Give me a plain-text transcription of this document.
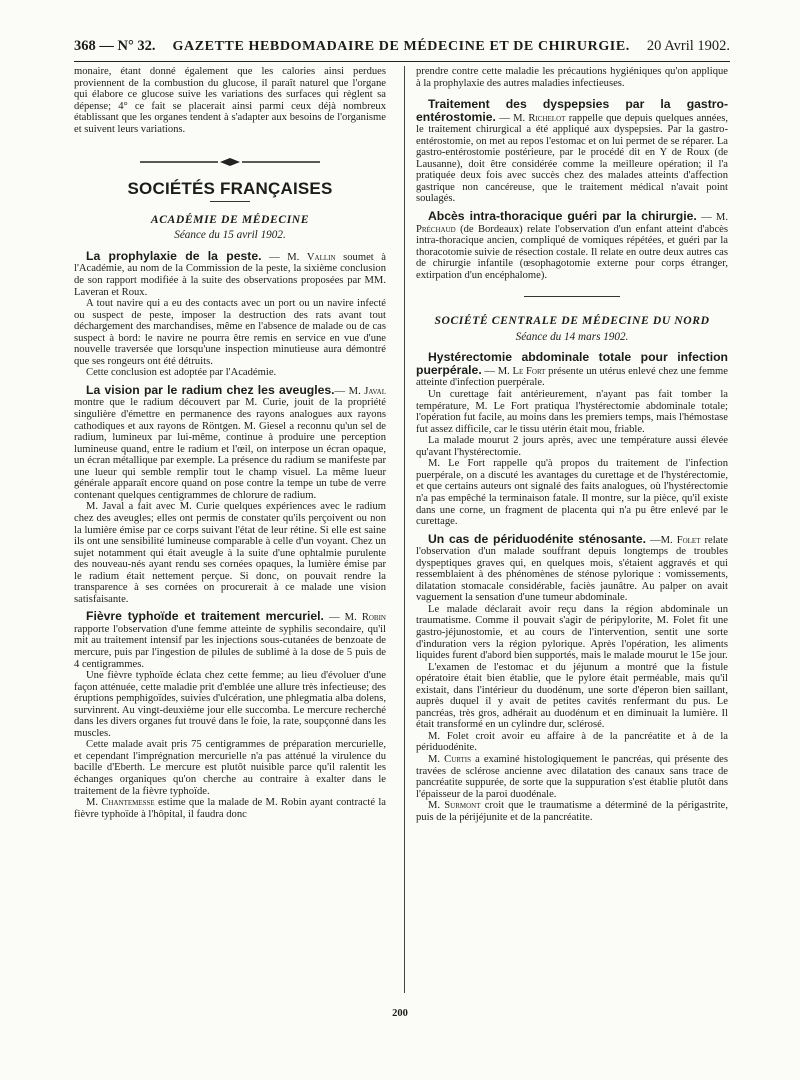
368 — N° 32. GAZETTE HEBDOMADAIRE DE MÉDECINE ET DE CHIRURGIE. 20 Avril 1902.

monaire, étant donné également que les calories ainsi perdues proviennent de la combustion du glucose, il paraît naturel que l'organe qui élabore ce glucose suive les variations des surfaces qui règlent sa dépense; 4° ce fait se placerait ainsi parmi ceux déjà nombreux établissant que les organes tendent à s'adapter aux besoins de l'organisme et suivent leurs variations.

SOCIÉTÉS FRANÇAISES
ACADÉMIE DE MÉDECINE
Séance du 15 avril 1902.

La prophylaxie de la peste. — M. Vallin soumet à l'Académie, au nom de la Commission de la peste, la sixième conclusion de son rapport modifiée à la suite des observations proposées par MM. Laveran et Roux.

A tout navire qui a eu des contacts avec un port ou un navire infecté ou suspect de peste, imposer la destruction des rats avant tout déchargement des marchandises, même en l'absence de malade ou de cas suspect à bord: le navire ne pourra être remis en service en vue d'une nouvelle traversée que lorsqu'une inspection minutieuse aura démontré que ses rongeurs ont été détruits.

Cette conclusion est adoptée par l'Académie.

La vision par le radium chez les aveugles.— M. Javal montre que le radium découvert par M. Curie, jouit de la propriété singulière d'émettre en permanence des rayons analogues aux rayons cathodiques et aux rayons de Röntgen. M. Giesel a reconnu qu'un sel de radium, lumineux par lui-même, continue à produire une perception lumineuse quand, entre le radium et l'œil, on interpose un écran opaque, un écran métallique par exemple. La présence du radium se manifeste par une lueur qui semble remplir tout le champ visuel. La même lueur générale apparaît encore quand on pose contre la tempe un tube de verre contenant quelques centigrammes de chlorure de radium.

M. Javal a fait avec M. Curie quelques expériences avec le radium chez des aveugles; elles ont permis de constater qu'ils perçoivent ou non la lumière émise par ce corps suivant l'état de leur rétine. Si elle est saine ils ont une sensibilité lumineuse comparable à celle d'un voyant. Chez un sujet notamment qui était aveugle à la suite d'une ophtalmie purulente des nouveau-nés ayant rendu ses cornées opaques, la lumière émise par le radium était nettement perçue. Si donc, on pouvait rendre la transparence à ses cornées on procurerait à ce malade une vision satisfaisante.

Fièvre typhoïde et traitement mercuriel. — M. Robin rapporte l'observation d'une femme atteinte de syphilis secondaire, qu'il mit au traitement intensif par les injections sous-cutanées de benzoate de mercure, puis par l'ingestion de pilules de sublimé à la dose de 5 puis de 4 centigrammes.

Une fièvre typhoïde éclata chez cette femme; au lieu d'évoluer d'une façon atténuée, cette maladie prit d'emblée une allure très infectieuse; des éruptions pemphigoïdes, suivies d'ulcération, une phlegmatia alba dolens, survinrent. Au vingt-deuxième jour elle succomba. Le mercure recherché dans les divers organes fut trouvé dans le foie, la rate, soupçonné dans les muscles.

Cette malade avait pris 75 centigrammes de préparation mercurielle, et cependant l'imprégnation mercurielle n'a pas atténué la virulence du bacille d'Eberth. Le mercure est plutôt nuisible parce qu'il ralentit les échanges organiques qu'on cherche au contraire à exalter dans le traitement de la fièvre typhoïde.

M. Chantemesse estime que la malade de M. Robin ayant contracté la fièvre typhoïde à l'hôpital, il faudra donc

prendre contre cette maladie les précautions hygiéniques qu'on applique à la prophylaxie des autres maladies infectieuses.

Traitement des dyspepsies par la gastro-entérostomie. — M. Richelot rappelle que depuis quelques années, le traitement chirurgical a été appliqué aux dyspepsies. Par la gastro-entérostomie, on met au repos l'estomac et on lui permet de se réparer. La gastro-entérostomie postérieure, par le procédé dit en Y de Roux (de Lausanne), doit être considérée comme la meilleure opération; il l'a pratiquée deux fois avec succès chez des malades atteints d'affection gastrique non cancéreuse, que le traitement médical n'avait point soulagés.

Abcès intra-thoracique guéri par la chirurgie. — M. Préchaud (de Bordeaux) relate l'observation d'un enfant atteint d'abcès intra-thoracique ancien, compliqué de vomiques répétées, et guéri par la thoracotomie suivie de résection costale. Il relate en outre deux autres cas de chirurgie infantile (œsophagotomie externe pour corps étranger, extirpation d'un encéphalome).

SOCIÉTÉ CENTRALE DE MÉDECINE DU NORD
Séance du 14 mars 1902.

Hystérectomie abdominale totale pour infection puerpérale. — M. Le Fort présente un utérus enlevé chez une femme atteinte d'infection puerpérale.

Un curettage fait antérieurement, n'ayant pas fait tomber la température, M. Le Fort pratiqua l'hystérectomie abdominale totale; l'opération fut facile, au moins dans les premiers temps, mais l'hémostase fut assez difficile, car le tissu utérin était mou, friable.

La malade mourut 2 jours après, avec une température aussi élevée qu'avant l'hystérectomie.

M. Le Fort rappelle qu'à propos du traitement de l'infection puerpérale, on a discuté les avantages du curettage et de l'hystérectomie, et que certains auteurs ont signalé des faits analogues, où l'hystérectomie n'a pas empêché la terminaison fatale. Il montre, sur la pièce, qu'il existe dans une corne, un fragment de placenta qui n'a pu être enlevé par le curettage.

Un cas de périduodénite sténosante. —M. Folet relate l'observation d'un malade souffrant depuis longtemps de troubles dyspeptiques graves qui, en quelques mois, s'étaient aggravés et qui ressemblaient à des phénomènes de sténose pylorique : vomissements, dilatation stomacale considérable, faciès jaunâtre. Au palper on avait vaguement la sensation d'une tumeur abdominale.

Le malade déclarait avoir reçu dans la région abdominale un traumatisme. Comme il pouvait s'agir de péripylorite, M. Folet fit une gastro-jéjunostomie, et au cours de l'intervention, sentit une sorte d'induration vers la région pylorique. Après l'opération, les aliments liquides furent d'abord bien supportés, mais le malade mourut le 15e jour.

L'examen de l'estomac et du jéjunum a montré que la fistule opératoire était bien établie, que le pylore était perméable, mais qu'il existait, dans l'intérieur du duodénum, une sorte d'éperon bien saillant, auprès duquel il y avait de petites cavités renfermant du pus. Le pancréas, très gros, adhérait au duodénum et en diminuait la lumière. Il était transformé en un cylindre dur, sclérosé.

M. Folet croit avoir eu affaire à de la pancréatite et à de la périduodénite.

M. Curtis a examiné histologiquement le pancréas, qui présente des travées de sclérose ancienne avec dilatation des canaux sans trace de pancréatite suppurée, de sorte que la suppuration s'est établie plutôt dans l'épaisseur de la paroi duodénale.

M. Surmont croit que le traumatisme a déterminé de la périgastrite, puis de la périjéjunite et de la pancréatite.

200
